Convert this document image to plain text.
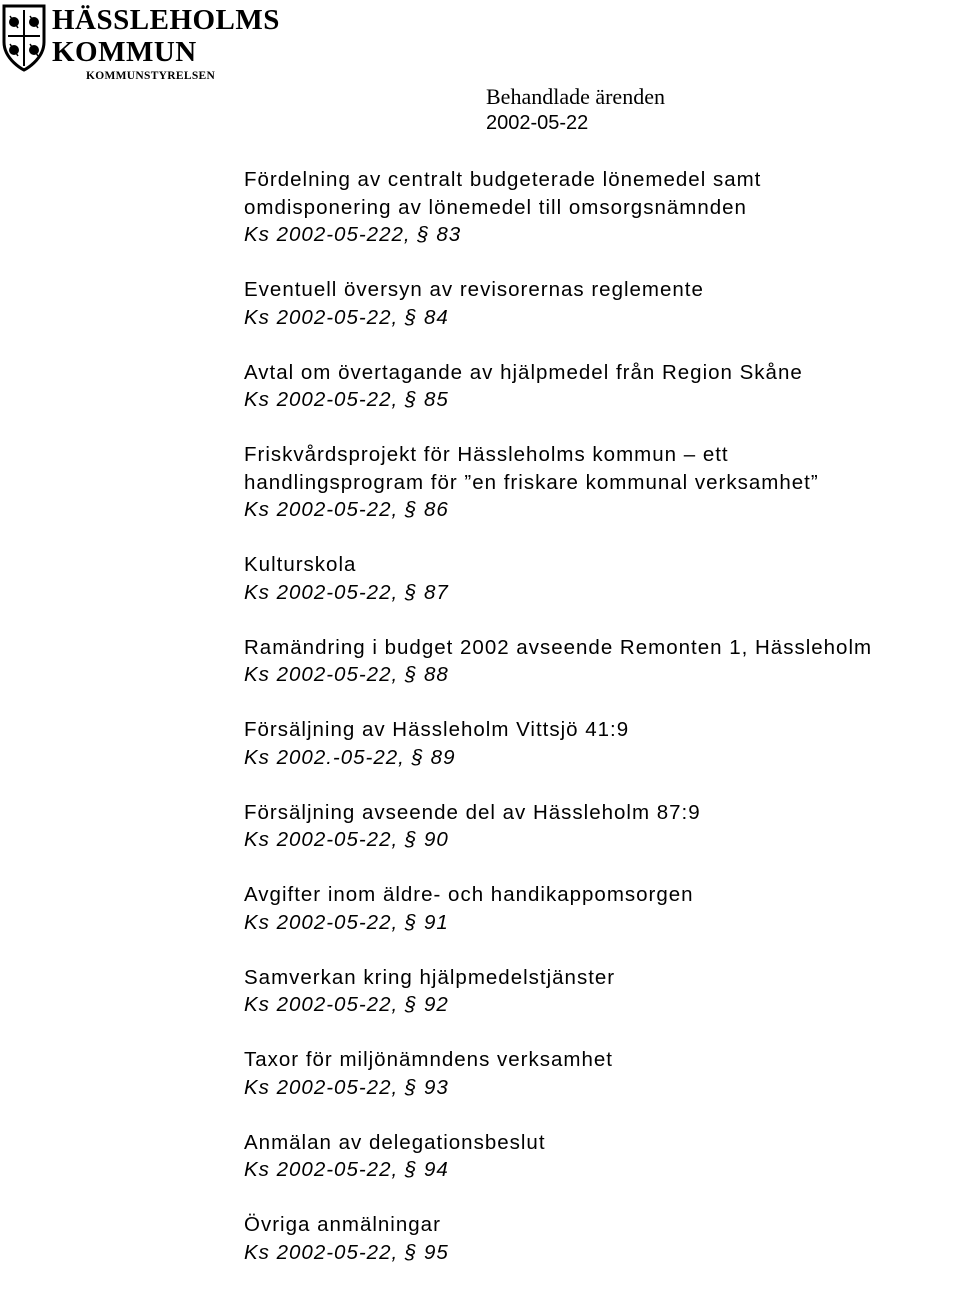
HÄSSLEHOLMS
KOMMUN
KOMMUNSTYRELSEN
Behandlade ärenden
2002-05-22
Fördelning av centralt budgeterade lönemedel samt
omdisponering av lönemedel till omsorgsnämnden
Ks 2002-05-222, § 83
Eventuell översyn av revisorernas reglemente
Ks 2002-05-22, § 84
Avtal om övertagande av hjälpmedel från Region Skåne
Ks 2002-05-22, § 85
Friskvårdsprojekt för Hässleholms kommun – ett
handlingsprogram för ”en friskare kommunal verksamhet”
Ks 2002-05-22, § 86
Kulturskola
Ks 2002-05-22, § 87
Ramändring i budget 2002 avseende Remonten 1, Hässleholm
Ks 2002-05-22, § 88
Försäljning av Hässleholm Vittsjö 41:9
Ks 2002.-05-22, § 89
Försäljning avseende del av Hässleholm 87:9
Ks 2002-05-22, § 90
Avgifter inom äldre- och handikappomsorgen
Ks 2002-05-22, § 91
Samverkan kring hjälpmedelstjänster
Ks 2002-05-22, § 92
Taxor för miljönämndens verksamhet
Ks 2002-05-22, § 93
Anmälan av delegationsbeslut
Ks 2002-05-22, § 94
Övriga anmälningar
Ks 2002-05-22, § 95
